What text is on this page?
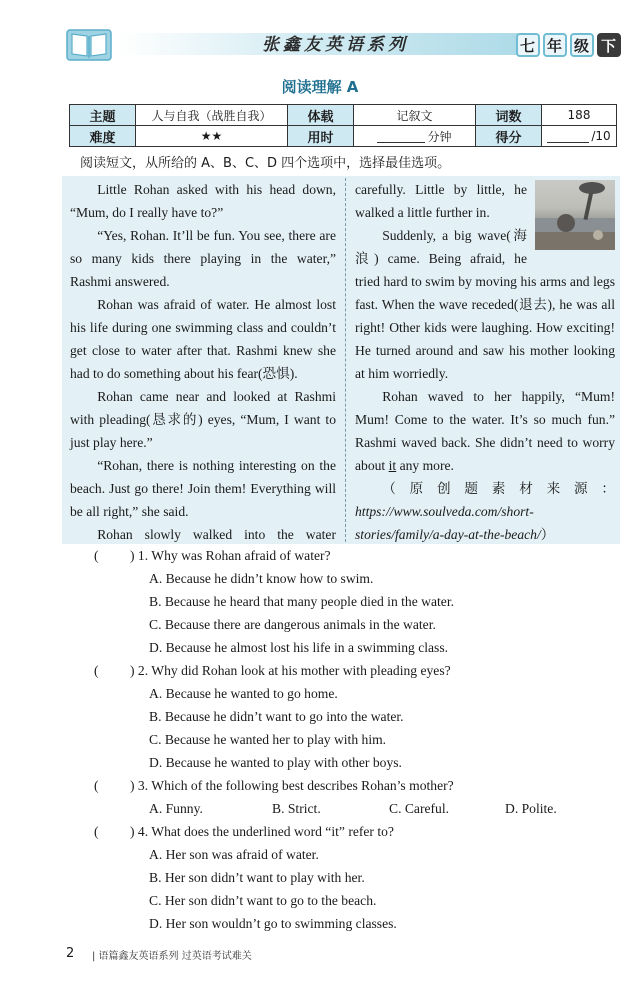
张鑫友英语系列	七 年 级 下
阅读理解 A
主题	人与自我（战胜自我）	体载	记叙文	词数	188
难度	★★	用时	分钟	得分	/10
阅读短文，从所给的 A、B、C、D 四个选项中，选择最佳选项。

Little Rohan asked with his head down, “Mum, do I really have to?”

“Yes, Rohan. It’ll be fun. You see, there are so many kids there playing in the water,” Rashmi answered.

Rohan was afraid of water. He almost lost his life during one swimming class and couldn’t get close to water after that. Rashmi knew she had to do something about his fear(恐惧).

Rohan came near and looked at Rashmi with pleading(恳求的) eyes, “Mum, I want to just play here.”

“Rohan, there is nothing interesting on the beach. Just go there! Join them! Everything will be all right,” she said.

Rohan slowly walked into the water

carefully. Little by little, he walked a little further in.

Suddenly, a big wave(海浪) came. Being afraid, he tried hard to swim by moving his arms and legs fast. When the wave receded(退去), he was all right! Other kids were laughing. How exciting! He turned around and saw his mother looking at him worriedly.

Rohan waved to her happily, “Mum! Mum! Come to the water. It’s so much fun.” Rashmi waved back. She didn’t need to worry about it any more.

（原创题素材来源：https://www.soulveda.com/short-stories/family/a-day-at-the-beach/）

( ) 1. Why was Rohan afraid of water?
A. Because he didn’t know how to swim.
B. Because he heard that many people died in the water.
C. Because there are dangerous animals in the water.
D. Because he almost lost his life in a swimming class.
( ) 2. Why did Rohan look at his mother with pleading eyes?
A. Because he wanted to go home.
B. Because he didn’t want to go into the water.
C. Because he wanted her to play with him.
D. Because he wanted to play with other boys.
( ) 3. Which of the following best describes Rohan’s mother?
A. Funny.	B. Strict.	C. Careful.	D. Polite.
( ) 4. What does the underlined word “it” refer to?
A. Her son was afraid of water.
B. Her son didn’t want to play with her.
C. Her son didn’t want to go to the beach.
D. Her son wouldn’t go to swimming classes.
2 | 语篇鑫友英语系列 过英语考试难关
